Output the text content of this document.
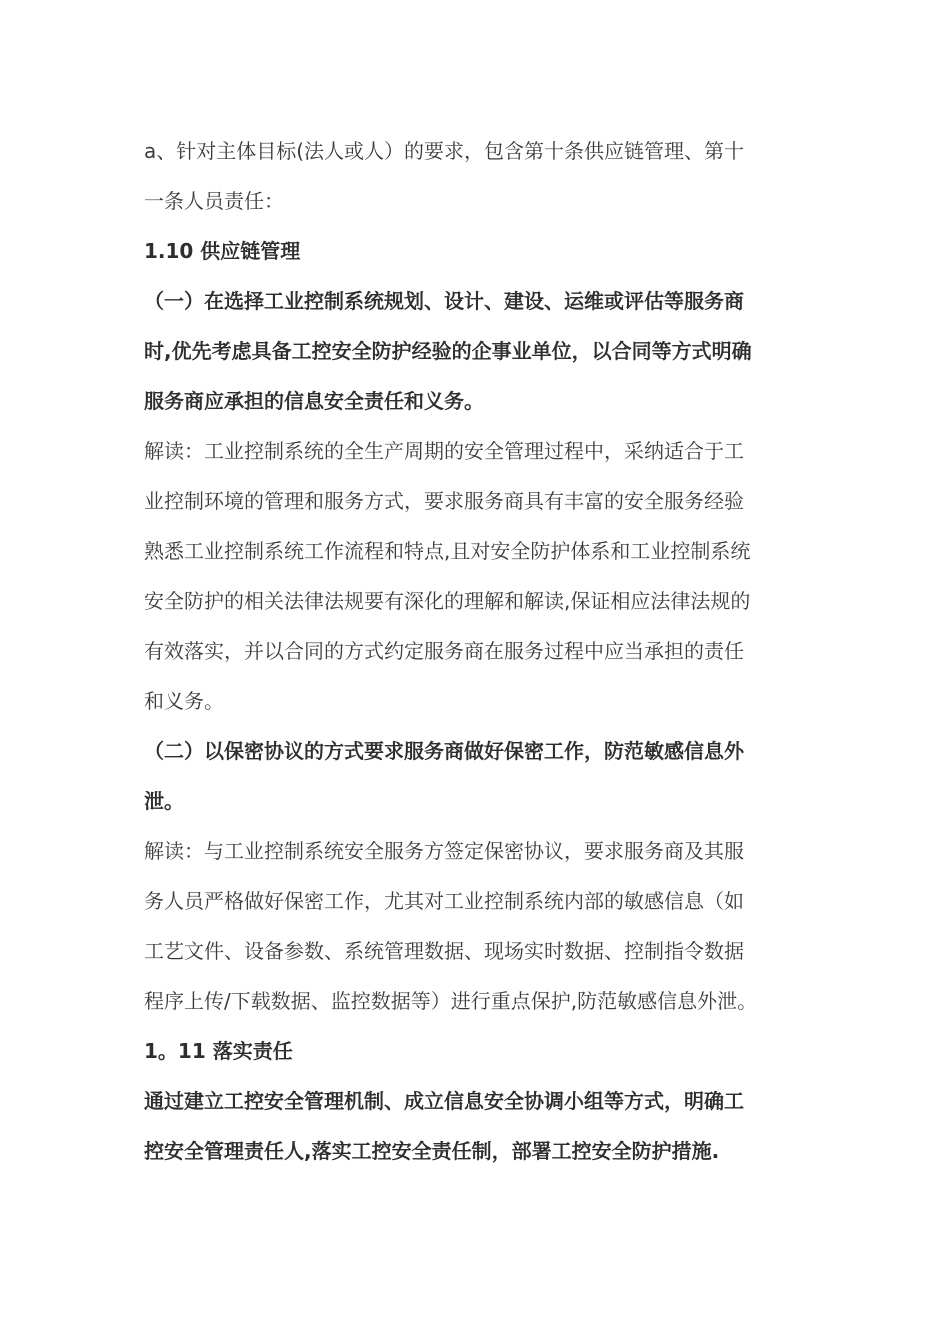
a、针对主体目标(法人或人）的要求，包含第十条供应链管理、第十
一条人员责任：

1.10 供应链管理

（一）在选择工业控制系统规划、设计、建设、运维或评估等服务商
时,优先考虑具备工控安全防护经验的企事业单位，以合同等方式明确
服务商应承担的信息安全责任和义务。

解读：工业控制系统的全生产周期的安全管理过程中，采纳适合于工
业控制环境的管理和服务方式，要求服务商具有丰富的安全服务经验
熟悉工业控制系统工作流程和特点,且对安全防护体系和工业控制系统
安全防护的相关法律法规要有深化的理解和解读,保证相应法律法规的
有效落实，并以合同的方式约定服务商在服务过程中应当承担的责任
和义务。

（二）以保密协议的方式要求服务商做好保密工作，防范敏感信息外
泄。

解读：与工业控制系统安全服务方签定保密协议，要求服务商及其服
务人员严格做好保密工作，尤其对工业控制系统内部的敏感信息（如
工艺文件、设备参数、系统管理数据、现场实时数据、控制指令数据
程序上传/下载数据、监控数据等）进行重点保护,防范敏感信息外泄。

1。11 落实责任

通过建立工控安全管理机制、成立信息安全协调小组等方式，明确工
控安全管理责任人,落实工控安全责任制，部署工控安全防护措施.
